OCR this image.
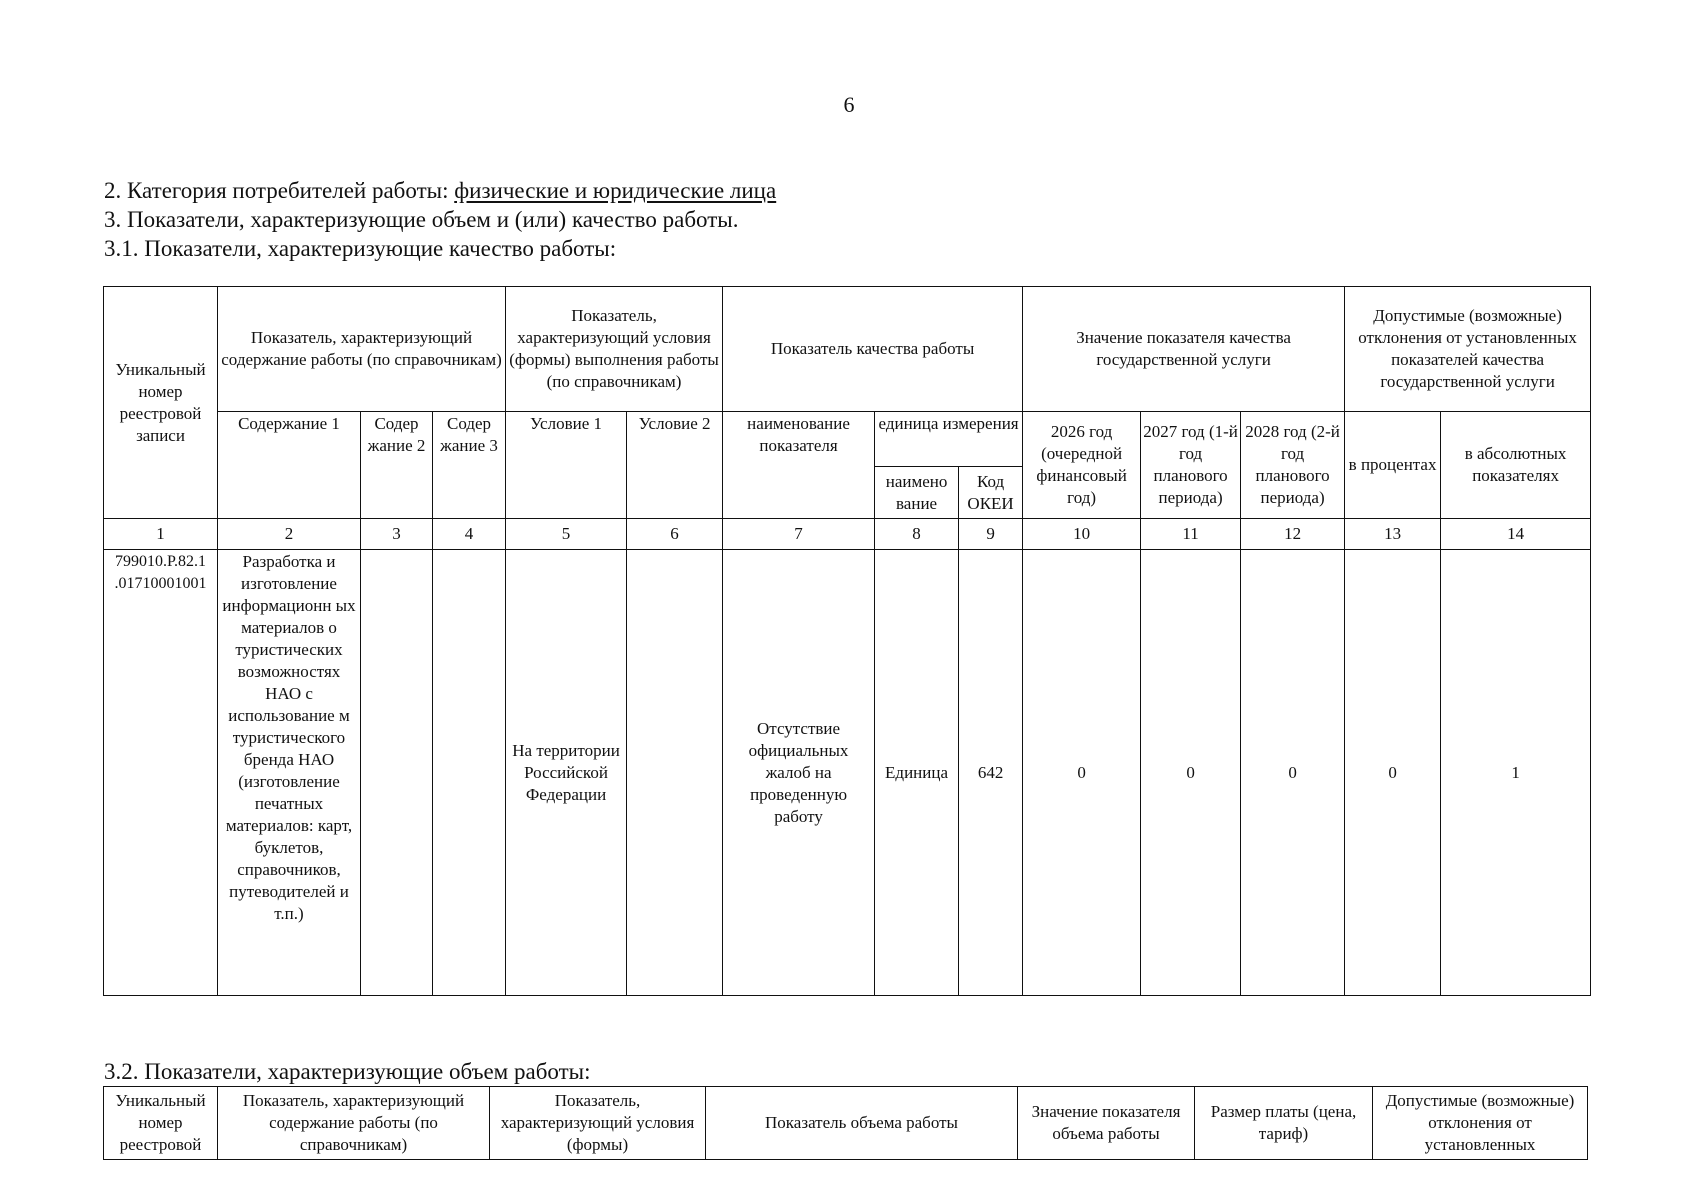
6
2. Категория потребителей работы: физические и юридические лица
3. Показатели, характеризующие объем и (или) качество работы.
3.1. Показатели, характеризующие качество работы:
Уникальный номер реестровой записи	Показатель, характеризующий содержание работы (по справочникам)			Показатель, характеризующий условия (формы) выполнения работы (по справочникам)		Показатель качества работы			Значение показателя качества государственной услуги			Допустимые (возможные) отклонения от установленных показателей качества государственной услуги	
	Содержание 1	Содер жание 2	Содер жание 3	Условие 1	Условие 2	наименование показателя	единица измерения		2026 год (очередной финансовый год)	2027 год (1-й год планового периода)	2028 год (2-й год планового периода)	в процентах	в абсолютных показателях
							наимено вание	Код ОКЕИ					
1	2	3	4	5	6	7	8	9	10	11	12	13	14
799010.Р.82.1 .01710001001	Разработка и изготовление информационн ых материалов о туристических возможностях НАО с использование м туристического бренда НАО (изготовление печатных материалов: карт, буклетов, справочников, путеводителей и т.п.)			На территории Российской Федерации		Отсутствие официальных жалоб на проведенную работу	Единица	642	0	0	0	0	1
3.2. Показатели, характеризующие объем работы:
Уникальный номер реестровой	Показатель, характеризующий содержание работы (по справочникам)	Показатель, характеризующий условия (формы)	Показатель объема работы	Значение показателя объема работы	Размер платы (цена, тариф)	Допустимые (возможные) отклонения от установленных
